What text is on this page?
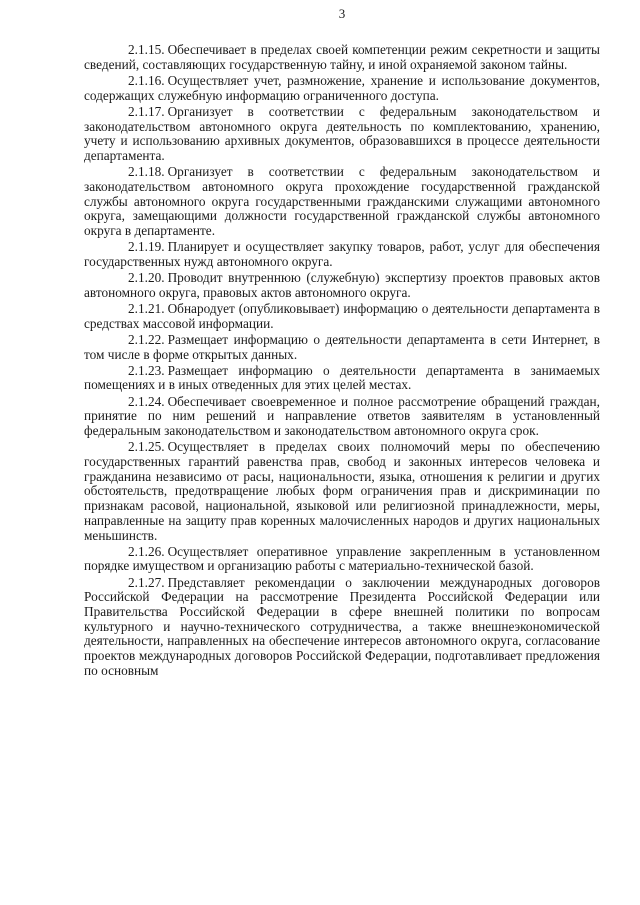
3

2.1.15. Обеспечивает в пределах своей компетенции режим секретности и защиты сведений, составляющих государственную тайну, и иной охраняемой законом тайны.

2.1.16. Осуществляет учет, размножение, хранение и использование документов, содержащих служебную информацию ограниченного доступа.

2.1.17. Организует в соответствии с федеральным законодательством и законодательством автономного округа деятельность по комплектованию, хранению, учету и использованию архивных документов, образовавшихся в процессе деятельности департамента.

2.1.18. Организует в соответствии с федеральным законодательством и законодательством автономного округа прохождение государственной гражданской службы автономного округа государственными гражданскими служащими автономного округа, замещающими должности государственной гражданской службы автономного округа в департаменте.

2.1.19. Планирует и осуществляет закупку товаров, работ, услуг для обеспечения государственных нужд автономного округа.

2.1.20. Проводит внутреннюю (служебную) экспертизу проектов правовых актов автономного округа, правовых актов автономного округа.

2.1.21. Обнародует (опубликовывает) информацию о деятельности департамента в средствах массовой информации.

2.1.22. Размещает информацию о деятельности департамента в сети Интернет, в том числе в форме открытых данных.

2.1.23. Размещает информацию о деятельности департамента в занимаемых помещениях и в иных отведенных для этих целей местах.

2.1.24. Обеспечивает своевременное и полное рассмотрение обращений граждан, принятие по ним решений и направление ответов заявителям в установленный федеральным законодательством и законодательством автономного округа срок.

2.1.25. Осуществляет в пределах своих полномочий меры по обеспечению государственных гарантий равенства прав, свобод и законных интересов человека и гражданина независимо от расы, национальности, языка, отношения к религии и других обстоятельств, предотвращение любых форм ограничения прав и дискриминации по признакам расовой, национальной, языковой или религиозной принадлежности, меры, направленные на защиту прав коренных малочисленных народов и других национальных меньшинств.

2.1.26. Осуществляет оперативное управление закрепленным в установленном порядке имуществом и организацию работы с материально-технической базой.

2.1.27. Представляет рекомендации о заключении международных договоров Российской Федерации на рассмотрение Президента Российской Федерации или Правительства Российской Федерации в сфере внешней политики по вопросам культурного и научно-технического сотрудничества, а также внешнеэкономической деятельности, направленных на обеспечение интересов автономного округа, согласование проектов международных договоров Российской Федерации, подготавливает предложения по основным
